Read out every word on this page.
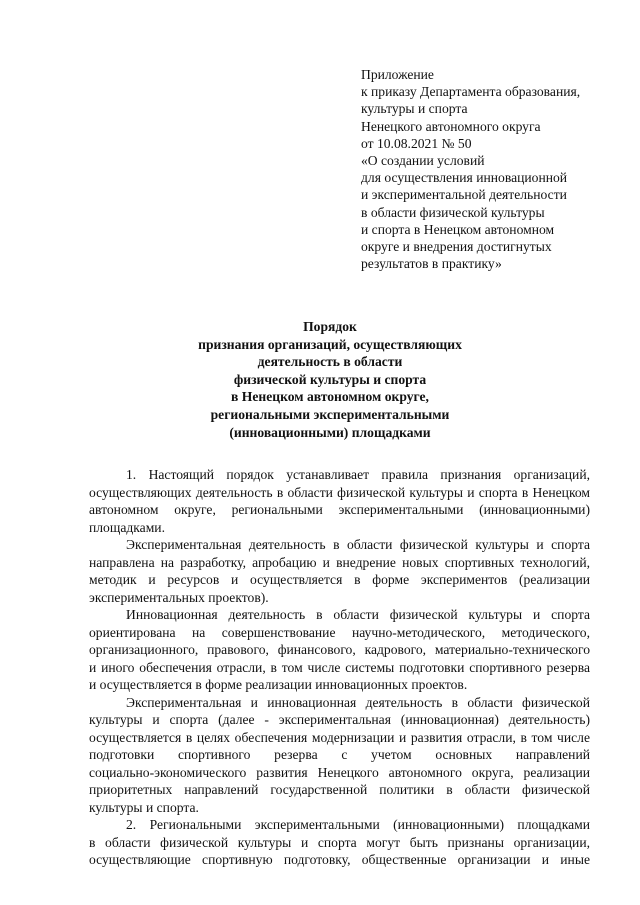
Приложение
к приказу Департамента образования,
культуры и спорта
Ненецкого автономного округа
от 10.08.2021 № 50
«О создании условий
для осуществления инновационной
и экспериментальной деятельности
в области физической культуры
и спорта в Ненецком автономном
округе и внедрения достигнутых
результатов в практику»
Порядок
признания организаций, осуществляющих
деятельность в области
физической культуры и спорта
в Ненецком автономном округе,
региональными экспериментальными
(инновационными) площадками
1. Настоящий порядок устанавливает правила признания организаций,
осуществляющих деятельность в области физической культуры и спорта в Ненецком
автономном округе, региональными экспериментальными (инновационными)
площадками.
Экспериментальная деятельность в области физической культуры и спорта
направлена на разработку, апробацию и внедрение новых спортивных технологий,
методик и ресурсов и осуществляется в форме экспериментов (реализации
экспериментальных проектов).
Инновационная деятельность в области физической культуры и спорта
ориентирована на совершенствование научно-методического, методического,
организационного, правового, финансового, кадрового, материально-технического
и иного обеспечения отрасли, в том числе системы подготовки спортивного резерва
и осуществляется в форме реализации инновационных проектов.
Экспериментальная и инновационная деятельность в области физической
культуры и спорта (далее - экспериментальная (инновационная) деятельность)
осуществляется в целях обеспечения модернизации и развития отрасли, в том числе
подготовки спортивного резерва с учетом основных направлений
социально-экономического развития Ненецкого автономного округа, реализации
приоритетных направлений государственной политики в области физической
культуры и спорта.
2. Региональными экспериментальными (инновационными) площадками
в области физической культуры и спорта могут быть признаны организации,
осуществляющие спортивную подготовку, общественные организации и иные
